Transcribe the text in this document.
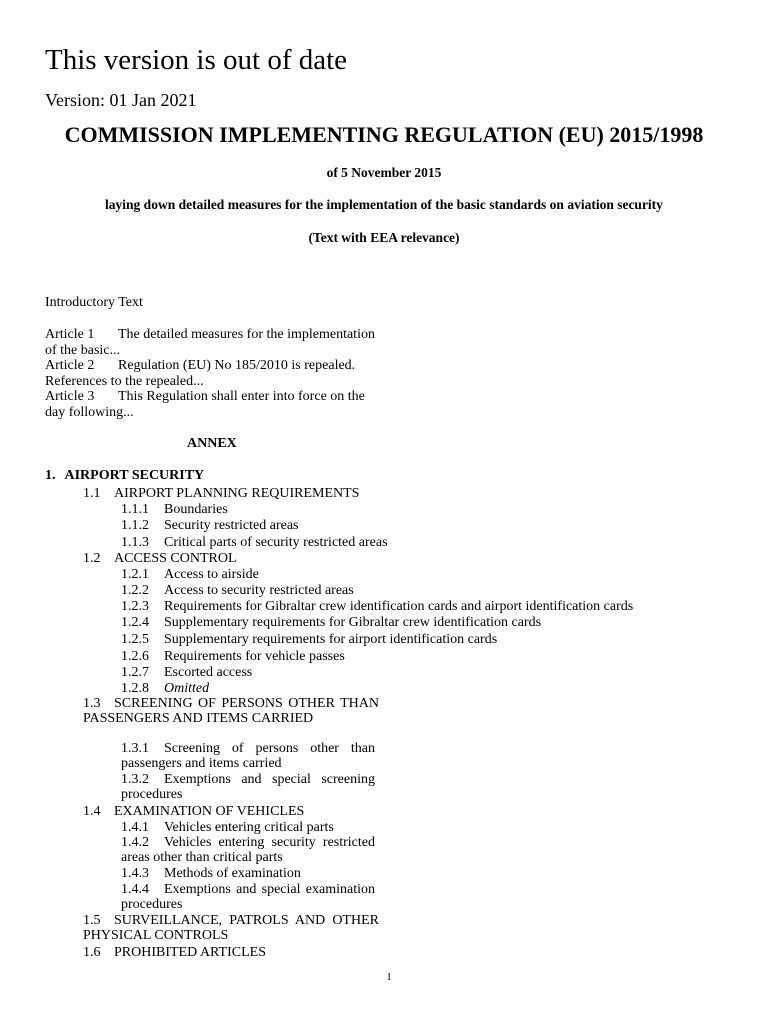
This version is out of date
Version: 01 Jan 2021
COMMISSION IMPLEMENTING REGULATION (EU) 2015/1998
of 5 November 2015
laying down detailed measures for the implementation of the basic standards on aviation security
(Text with EEA relevance)
Introductory Text
Article 1 The detailed measures for the implementation of the basic...
Article 2 Regulation (EU) No 185/2010 is repealed. References to the repealed...
Article 3 This Regulation shall enter into force on the day following...
ANNEX
1. AIRPORT SECURITY
1.1 AIRPORT PLANNING REQUIREMENTS
1.1.1 Boundaries
1.1.2 Security restricted areas
1.1.3 Critical parts of security restricted areas
1.2 ACCESS CONTROL
1.2.1 Access to airside
1.2.2 Access to security restricted areas
1.2.3 Requirements for Gibraltar crew identification cards and airport identification cards
1.2.4 Supplementary requirements for Gibraltar crew identification cards
1.2.5 Supplementary requirements for airport identification cards
1.2.6 Requirements for vehicle passes
1.2.7 Escorted access
1.2.8 Omitted
1.3 SCREENING OF PERSONS OTHER THAN PASSENGERS AND ITEMS CARRIED
1.3.1 Screening of persons other than passengers and items carried
1.3.2 Exemptions and special screening procedures
1.4 EXAMINATION OF VEHICLES
1.4.1 Vehicles entering critical parts
1.4.2 Vehicles entering security restricted areas other than critical parts
1.4.3 Methods of examination
1.4.4 Exemptions and special examination procedures
1.5 SURVEILLANCE, PATROLS AND OTHER PHYSICAL CONTROLS
1.6 PROHIBITED ARTICLES
1
